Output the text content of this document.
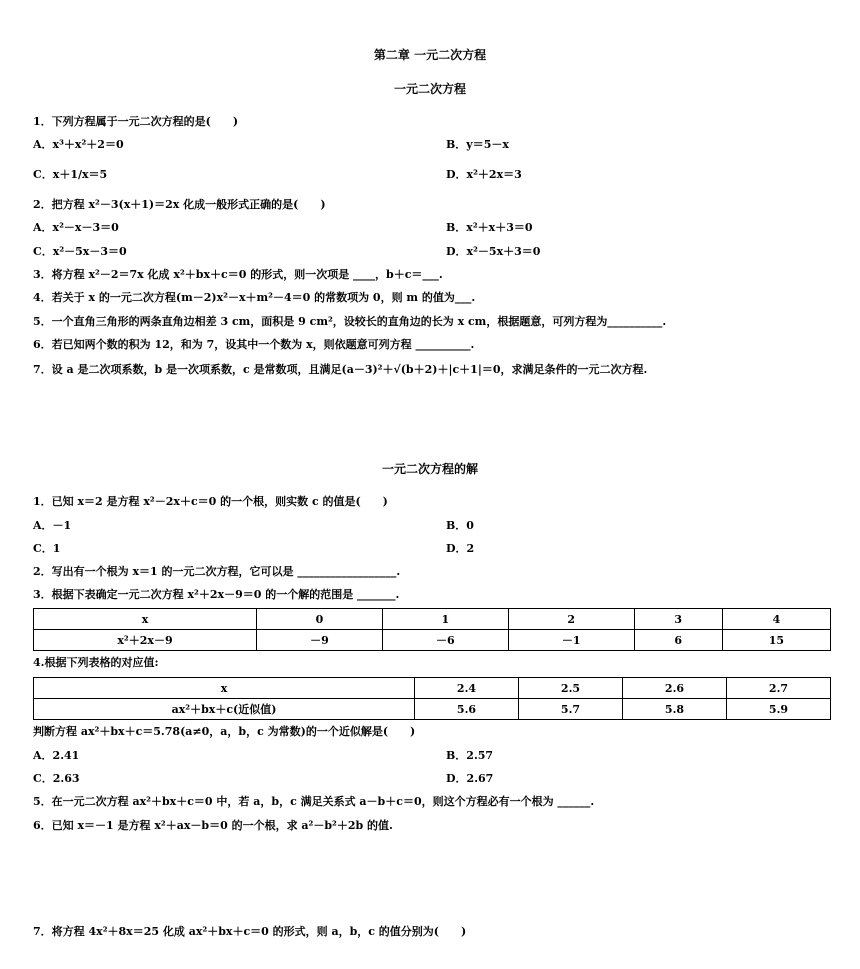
第二章 一元二次方程
一元二次方程
1．下列方程属于一元二次方程的是(　　)
A．x³＋x²＋2＝0	B．y＝5－x
C．x＋1/x＝5	D．x²＋2x＝3
2．把方程 x²－3(x＋1)＝2x 化成一般形式正确的是(　　)
A．x²－x－3＝0	B．x²＋x＋3＝0
C．x²－5x－3＝0	D．x²－5x＋3＝0
3．将方程 x²－2＝7x 化成 x²＋bx＋c＝0 的形式，则一次项是 ____，b＋c＝___.
4．若关于 x 的一元二次方程(m－2)x²－x＋m²－4＝0 的常数项为 0，则 m 的值为___.
5．一个直角三角形的两条直角边相差 3 cm，面积是 9 cm²，设较长的直角边的长为 x cm，根据题意，可列方程为__________.
6．若已知两个数的积为 12，和为 7，设其中一个数为 x，则依题意可列方程 __________.
7．设 a 是二次项系数，b 是一次项系数，c 是常数项，且满足(a－3)²＋√(b＋2)＋|c＋1|＝0，求满足条件的一元二次方程.
一元二次方程的解
1．已知 x＝2 是方程 x²－2x＋c＝0 的一个根，则实数 c 的值是(　　)
A．－1	B．0
C．1	D．2
2．写出有一个根为 x＝1 的一元二次方程，它可以是 __________________.
3．根据下表确定一元二次方程 x²＋2x－9＝0 的一个解的范围是 _______.
x	0	1	2	3	4
x²＋2x－9	－9	－6	－1	6	15
4.根据下列表格的对应值:
x	2.4	2.5	2.6	2.7
ax²＋bx＋c(近似值)	5.6	5.7	5.8	5.9
判断方程 ax²＋bx＋c＝5.78(a≠0，a，b，c 为常数)的一个近似解是(　　)
A．2.41	B．2.57
C．2.63	D．2.67
5．在一元二次方程 ax²＋bx＋c＝0 中，若 a，b，c 满足关系式 a－b＋c＝0，则这个方程必有一个根为 ______.
6．已知 x＝－1 是方程 x²＋ax－b＝0 的一个根，求 a²－b²＋2b 的值.
7．将方程 4x²＋8x＝25 化成 ax²＋bx＋c＝0 的形式，则 a，b，c 的值分别为(　　)
